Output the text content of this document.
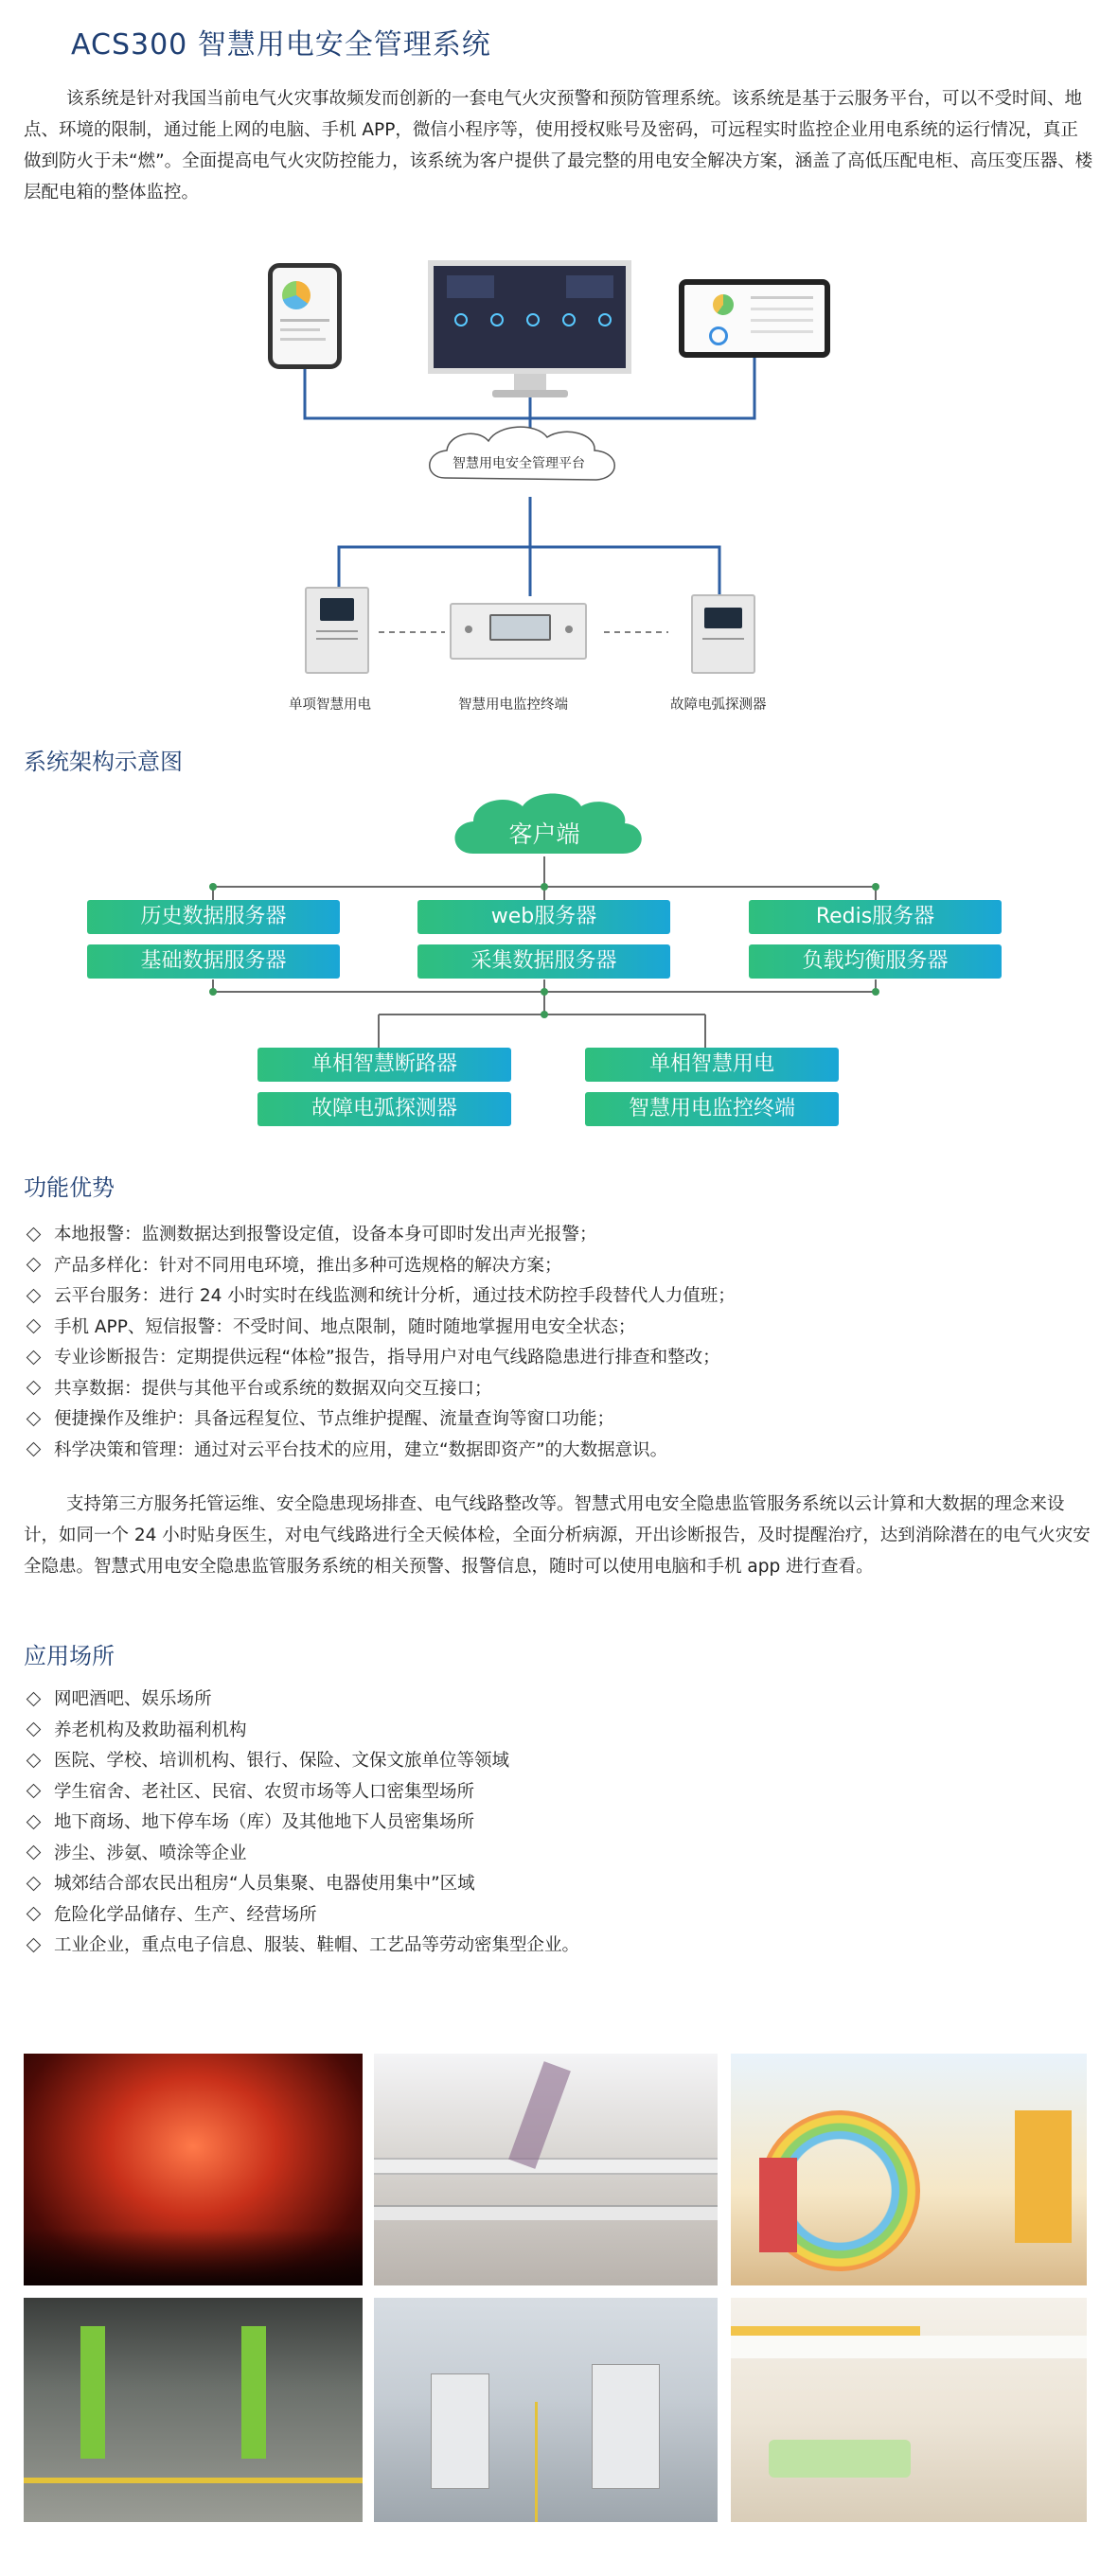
ACS300 智慧用电安全管理系统

该系统是针对我国当前电气火灾事故频发而创新的一套电气火灾预警和预防管理系统。该系统是基于云服务平台，可以不受时间、地点、环境的限制，通过能上网的电脑、手机 APP，微信小程序等，使用授权账号及密码，可远程实时监控企业用电系统的运行情况，真正做到防火于未“燃”。全面提高电气火灾防控能力，该系统为客户提供了最完整的用电安全解决方案，涵盖了高低压配电柜、高压变压器、楼层配电箱的整体监控。

智慧用电安全管理平台
单项智慧用电	智慧用电监控终端	故障电弧探测器
系统架构示意图
客户端
历史数据服务器	web服务器	Redis服务器
基础数据服务器	采集数据服务器	负载均衡服务器
单相智慧断路器	单相智慧用电
故障电弧探测器	智慧用电监控终端
功能优势
本地报警：监测数据达到报警设定值，设备本身可即时发出声光报警；
产品多样化：针对不同用电环境，推出多种可选规格的解决方案；
云平台服务：进行 24 小时实时在线监测和统计分析，通过技术防控手段替代人力值班；
手机 APP、短信报警：不受时间、地点限制，随时随地掌握用电安全状态；
专业诊断报告：定期提供远程“体检”报告，指导用户对电气线路隐患进行排查和整改；
共享数据：提供与其他平台或系统的数据双向交互接口；
便捷操作及维护：具备远程复位、节点维护提醒、流量查询等窗口功能；
科学决策和管理：通过对云平台技术的应用，建立“数据即资产”的大数据意识。

支持第三方服务托管运维、安全隐患现场排查、电气线路整改等。智慧式用电安全隐患监管服务系统以云计算和大数据的理念来设计，如同一个 24 小时贴身医生，对电气线路进行全天候体检，全面分析病源，开出诊断报告，及时提醒治疗，达到消除潜在的电气火灾安全隐患。智慧式用电安全隐患监管服务系统的相关预警、报警信息，随时可以使用电脑和手机 app 进行查看。

应用场所
网吧酒吧、娱乐场所
养老机构及救助福利机构
医院、学校、培训机构、银行、保险、文保文旅单位等领域
学生宿舍、老社区、民宿、农贸市场等人口密集型场所
地下商场、地下停车场（库）及其他地下人员密集场所
涉尘、涉氨、喷涂等企业
城郊结合部农民出租房“人员集聚、电器使用集中”区域
危险化学品储存、生产、经营场所
工业企业，重点电子信息、服装、鞋帽、工艺品等劳动密集型企业。
